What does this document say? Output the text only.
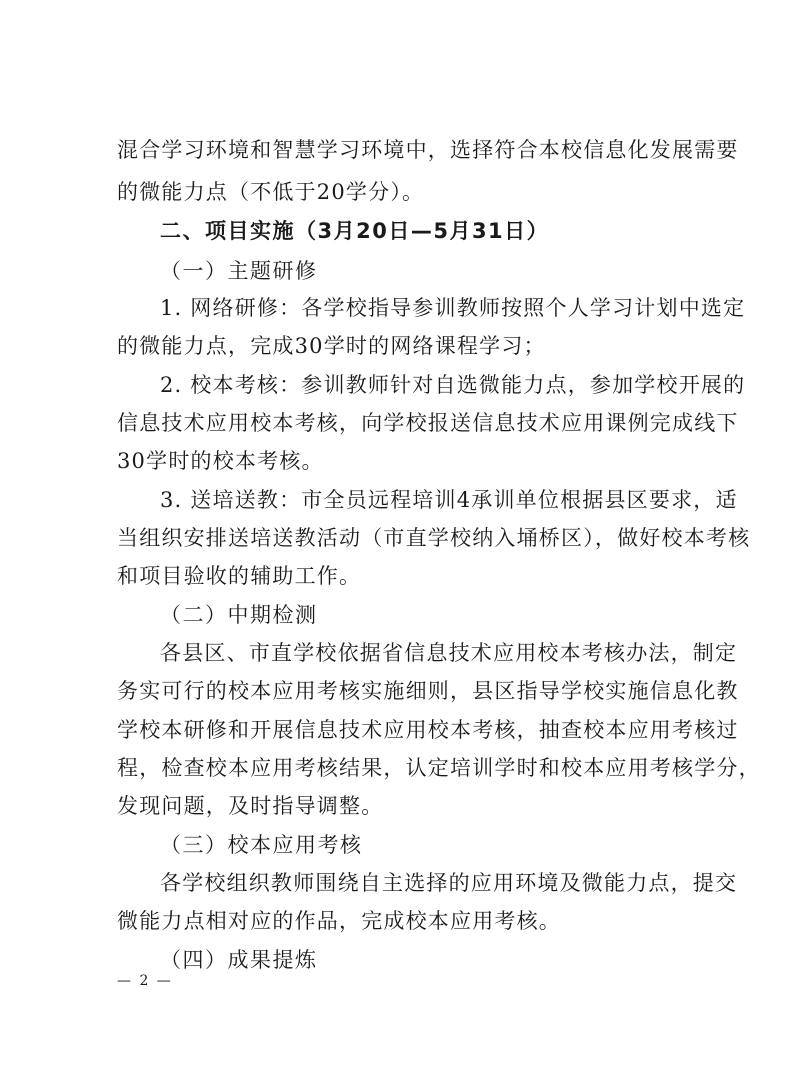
混合学习环境和智慧学习环境中，选择符合本校信息化发展需要
的微能力点（不低于20学分）。
二、项目实施（3月20日—5月31日）
（一）主题研修
1. 网络研修：各学校指导参训教师按照个人学习计划中选定
的微能力点，完成30学时的网络课程学习；
2. 校本考核：参训教师针对自选微能力点，参加学校开展的
信息技术应用校本考核，向学校报送信息技术应用课例完成线下
30学时的校本考核。
3. 送培送教：市全员远程培训4承训单位根据县区要求，适
当组织安排送培送教活动（市直学校纳入埇桥区），做好校本考核
和项目验收的辅助工作。
（二）中期检测
各县区、市直学校依据省信息技术应用校本考核办法，制定
务实可行的校本应用考核实施细则，县区指导学校实施信息化教
学校本研修和开展信息技术应用校本考核，抽查校本应用考核过
程，检查校本应用考核结果，认定培训学时和校本应用考核学分，
发现问题，及时指导调整。
（三）校本应用考核
各学校组织教师围绕自主选择的应用环境及微能力点，提交
微能力点相对应的作品，完成校本应用考核。
（四）成果提炼
— 2 —
